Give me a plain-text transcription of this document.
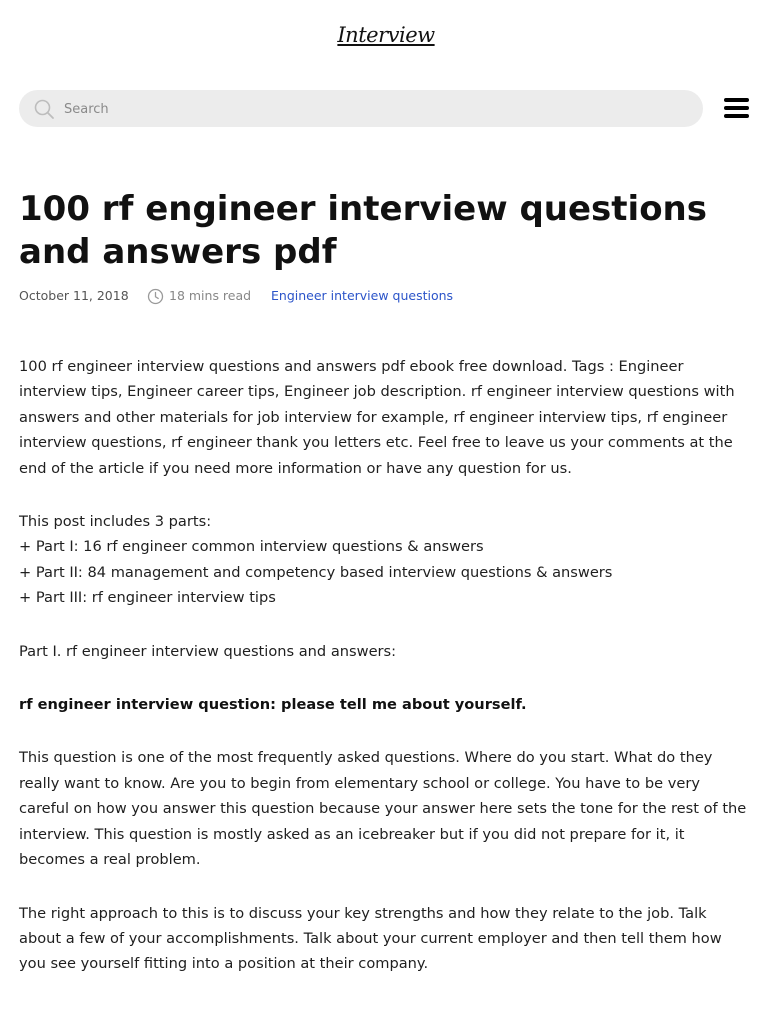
Interview
Search
100 rf engineer interview questions and answers pdf
October 11, 2018	18 mins read Engineer interview questions

100 rf engineer interview questions and answers pdf ebook free download. Tags : Engineer interview tips, Engineer career tips, Engineer job description. rf engineer interview questions with answers and other materials for job interview for example, rf engineer interview tips, rf engineer interview questions, rf engineer thank you letters etc. Feel free to leave us your comments at the end of the article if you need more information or have any question for us.

This post includes 3 parts:

+ Part I: 16 rf engineer common interview questions & answers

+ Part II: 84 management and competency based interview questions & answers

+ Part III: rf engineer interview tips

Part I. rf engineer interview questions and answers:

rf engineer interview question: please tell me about yourself.

This question is one of the most frequently asked questions. Where do you start. What do they really want to know. Are you to begin from elementary school or college. You have to be very careful on how you answer this question because your answer here sets the tone for the rest of the interview. This question is mostly asked as an icebreaker but if you did not prepare for it, it becomes a real problem.

The right approach to this is to discuss your key strengths and how they relate to the job. Talk about a few of your accomplishments. Talk about your current employer and then tell them how you see yourself fitting into a position at their company.
